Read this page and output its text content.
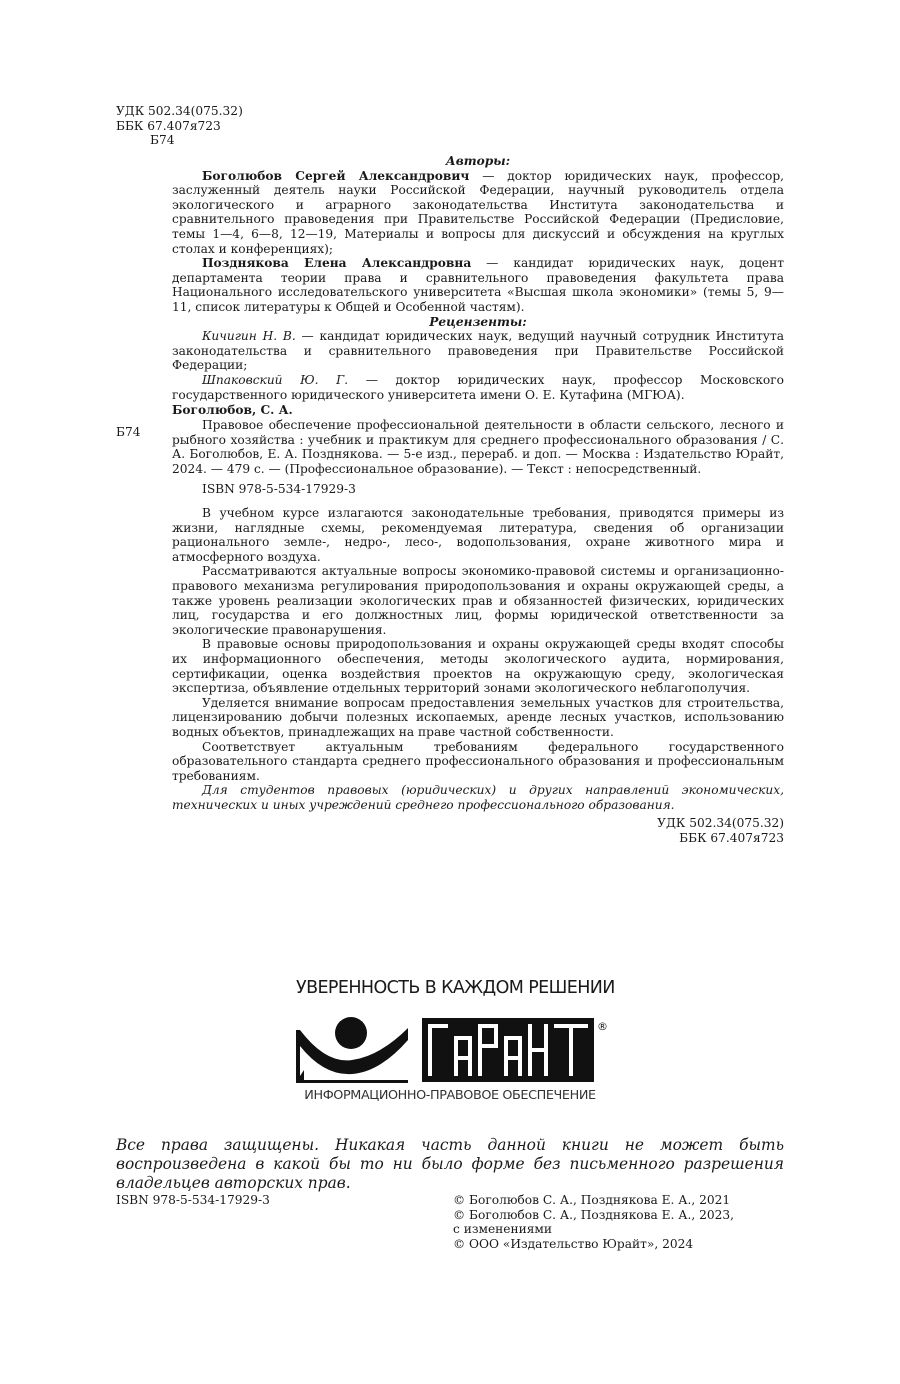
УДК 502.34(075.32)
ББК 67.407я723
Б74

Авторы:

Боголюбов Сергей Александрович — доктор юридических наук, профессор, заслуженный деятель науки Российской Федерации, научный руководитель отдела экологического и аграрного законодательства Института законодательства и сравнительного правоведения при Правительстве Российской Федерации (Предисловие, темы 1—4, 6—8, 12—19, Материалы и вопросы для дискуссий и обсуждения на круглых столах и конференциях);

Позднякова Елена Александровна — кандидат юридических наук, доцент департамента теории права и сравнительного правоведения факультета права Национального исследовательского университета «Высшая школа экономики» (темы 5, 9—11, список литературы к Общей и Особенной частям).

Рецензенты:

Кичигин Н. В. — кандидат юридических наук, ведущий научный сотрудник Института законодательства и сравнительного правоведения при Правительстве Российской Федерации;

Шпаковский Ю. Г. — доктор юридических наук, профессор Московского государственного юридического университета имени О. Е. Кутафина (МГЮА).

Боголюбов, С. А.
Б74	Правовое обеспечение профессиональной деятельности в области сельского, лесного и рыбного хозяйства : учебник и практикум для среднего профессионального образования / С. А. Боголюбов, Е. А. Позднякова. — 5-е изд., перераб. и доп. — Москва : Издательство Юрайт, 2024. — 479 с. — (Профессиональное образование). — Текст : непосредственный.

ISBN 978-5-534-17929-3

В учебном курсе излагаются законодательные требования, приводятся примеры из жизни, наглядные схемы, рекомендуемая литература, сведения об организации рационального земле-, недро-, лесо-, водопользования, охране животного мира и атмосферного воздуха.

Рассматриваются актуальные вопросы экономико-правовой системы и организационно-правового механизма регулирования природопользования и охраны окружающей среды, а также уровень реализации экологических прав и обязанностей физических, юридических лиц, государства и его должностных лиц, формы юридической ответственности за экологические правонарушения.

В правовые основы природопользования и охраны окружающей среды входят способы их информационного обеспечения, методы экологического аудита, нормирования, сертификации, оценка воздействия проектов на окружающую среду, экологическая экспертиза, объявление отдельных территорий зонами экологического неблагополучия.

Уделяется внимание вопросам предоставления земельных участков для строительства, лицензированию добычи полезных ископаемых, аренде лесных участков, использованию водных объектов, принадлежащих на праве частной собственности.

Соответствует актуальным требованиям федерального государственного образовательного стандарта среднего профессионального образования и профессиональным требованиям.

Для студентов правовых (юридических) и других направлений экономических, технических и иных учреждений среднего профессионального образования.

УДК 502.34(075.32)

ББК 67.407я723

УВЕРЕННОСТЬ В КАЖДОМ РЕШЕНИИ
®
ИНФОРМАЦИОННО-ПРАВОВОЕ ОБЕСПЕЧЕНИЕ
Все права защищены. Никакая часть данной книги не может быть воспроизведена в какой бы то ни было форме без письменного разрешения владельцев авторских прав.
ISBN 978-5-534-17929-3	© Боголюбов С. А., Позднякова Е. А., 2021
© Боголюбов С. А., Позднякова Е. А., 2023,
с изменениями
© ООО «Издательство Юрайт», 2024
